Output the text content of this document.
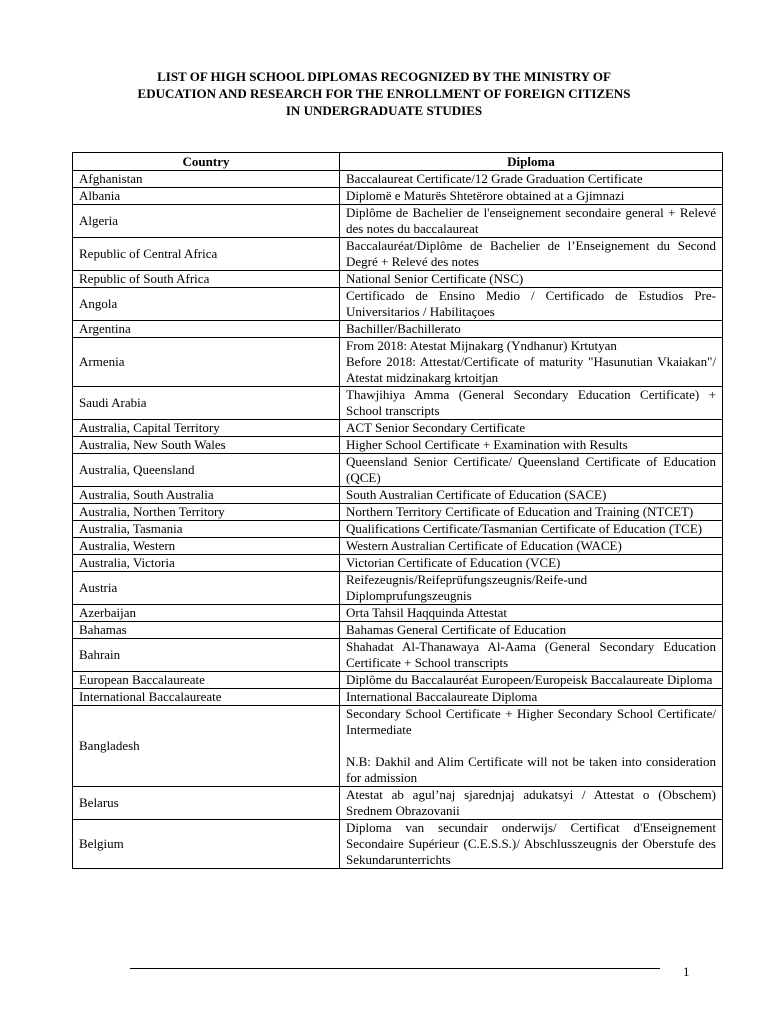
LIST OF HIGH SCHOOL DIPLOMAS RECOGNIZED BY THE MINISTRY OF
EDUCATION AND RESEARCH FOR THE ENROLLMENT OF FOREIGN CITIZENS
IN UNDERGRADUATE STUDIES
Country	Diploma
Afghanistan	Baccalaureat Certificate/12 Grade Graduation Certificate

Albania	Diplomë e Maturës Shtetërore obtained at a Gjimnazi

Algeria	Diplôme de Bachelier de l'enseignement secondaire general + Relevé des notes du baccalaureat

Republic of Central Africa	Baccalauréat/Diplôme de Bachelier de l’Enseignement du Second Degré + Relevé des notes

Republic of South Africa	National Senior Certificate (NSC)

Angola	Certificado de Ensino Medio / Certificado de Estudios Pre-Universitarios / Habilitaçoes

Argentina	Bachiller/Bachillerato

Armenia	From 2018: Atestat Mijnakarg (Yndhanur) Krtutyan
Before 2018: Attestat/Certificate of maturity "Hasunutian Vkaiakan"/ Atestat midzinakarg krtoitjan

Saudi Arabia	Thawjihiya Amma (General Secondary Education Certificate) + School transcripts

Australia, Capital Territory	ACT Senior Secondary Certificate

Australia, New South Wales	Higher School Certificate + Examination with Results

Australia, Queensland	Queensland Senior Certificate/ Queensland Certificate of Education (QCE)

Australia, South Australia	South Australian Certificate of Education (SACE)

Australia, Northen Territory	Northern Territory Certificate of Education and Training (NTCET)

Australia, Tasmania	Qualifications Certificate/Tasmanian Certificate of Education (TCE)

Australia, Western	Western Australian Certificate of Education (WACE)

Australia, Victoria	Victorian Certificate of Education (VCE)

Austria	Reifezeugnis/Reifeprüfungszeugnis/Reife-und Diplomprufungszeugnis

Azerbaijan	Orta Tahsil Haqquinda Attestat

Bahamas	Bahamas General Certificate of Education

Bahrain	Shahadat Al-Thanawaya Al-Aama (General Secondary Education Certificate + School transcripts

European Baccalaureate	Diplôme du Baccalauréat Europeen/Europeisk Baccalaureate Diploma

International Baccalaureate	International Baccalaureate Diploma

Bangladesh	Secondary School Certificate + Higher Secondary School Certificate/ Intermediate
N.B: Dakhil and Alim Certificate will not be taken into consideration for admission

Belarus	Atestat ab agul’naj sjarednjaj adukatsyi / Attestat o (Obschem) Srednem Obrazovanii

Belgium	Diploma van secundair onderwijs/ Certificat d'Enseignement Secondaire Supérieur (C.E.S.S.)/ Abschlusszeugnis der Oberstufe des Sekundarunterrichts
1
